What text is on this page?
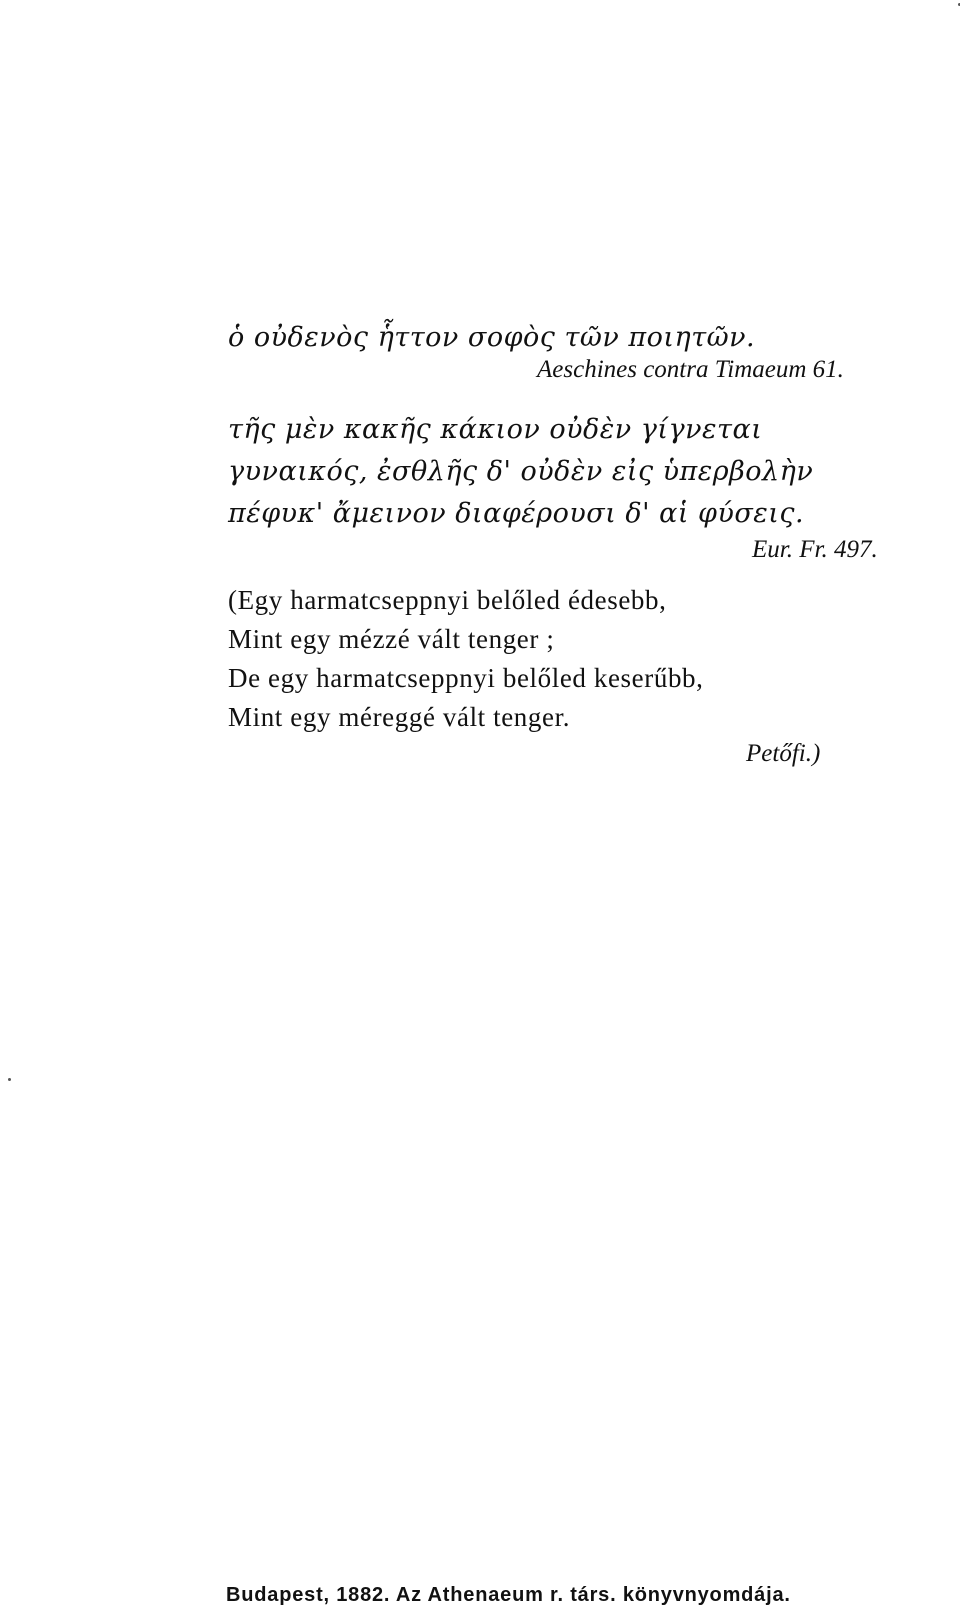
ὁ οὐδενὸς ἧττον σοφὸς τῶν ποιητῶν.
Aeschines contra Timaeum 61.
τῆς μὲν κακῆς κάκιον οὐδὲν γίγνεται
γυναικός, ἐσθλῆς δ' οὐδὲν εἰς ὑπερβολὴν
πέφυκ' ἄμεινον διαφέρουσι δ' αἱ φύσεις.
Eur. Fr. 497.
(Egy harmatcseppnyi belőled édesebb,
Mint egy mézzé vált tenger ;
De egy harmatcseppnyi belőled keserűbb,
Mint egy méreggé vált tenger.
Petőfi.)
Budapest, 1882. Az Athenaeum r. társ. könyvnyomdája.
